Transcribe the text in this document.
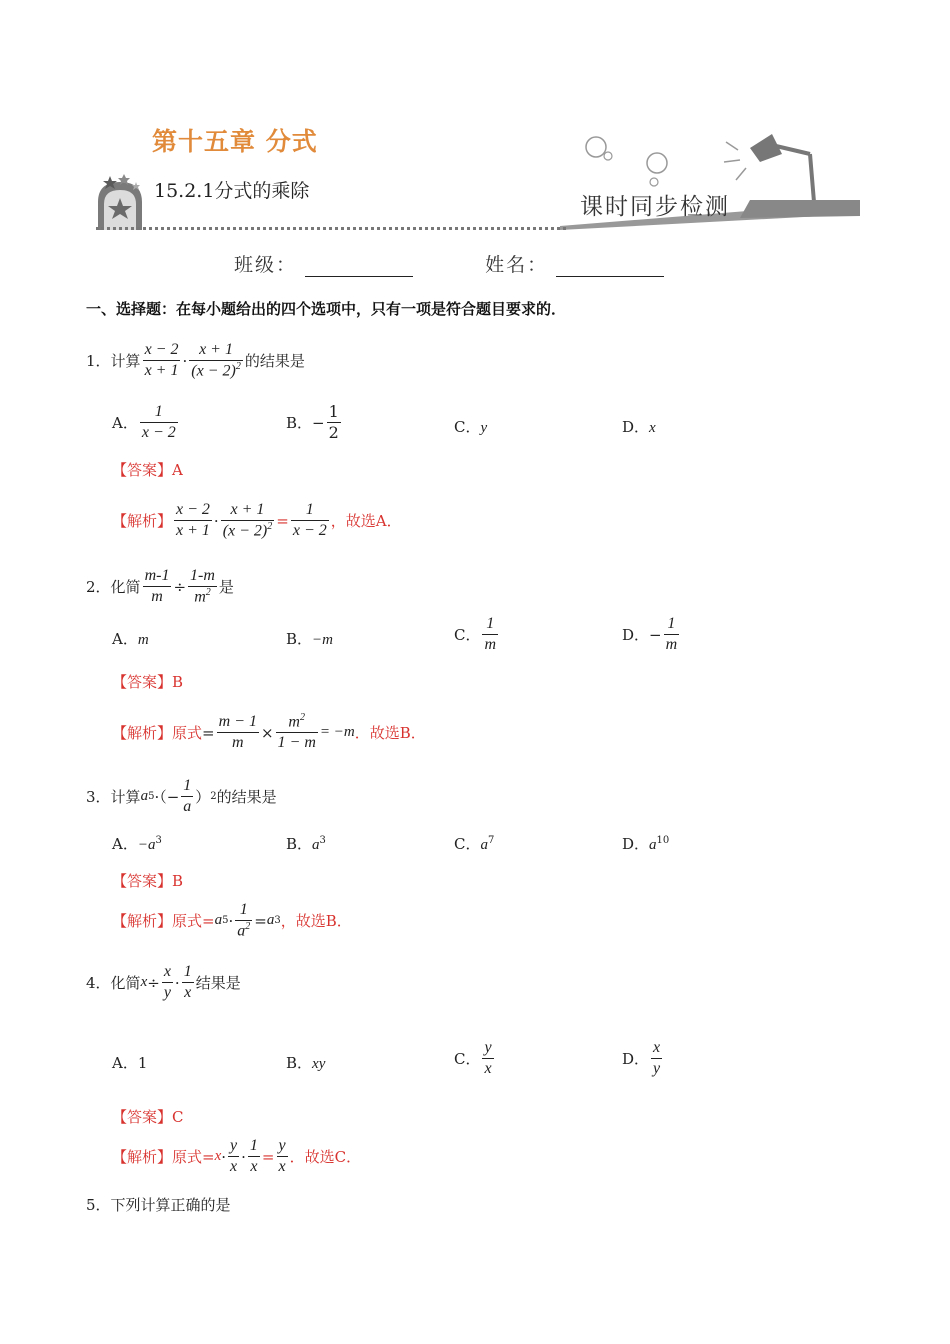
第十五章 分式
15.2.1分式的乘除
课时同步检测
班级：	姓名：
一、选择题：在每小题给出的四个选项中，只有一项是符合题目要求的．
1． 计算 $\frac{x - 2}{x + 1} \cdot \frac{x + 1}{(x - 2)^2}$ 的结果是
A． $\frac{1}{x - 2}$	B． − $\frac{1}{2}$	C．y	D．x
【答案】A
【解析】 $\frac{x - 2}{x + 1} \cdot \frac{x + 1}{(x - 2)^2} = \frac{1}{x - 2}$ ，故选A．
2． 化简 $\frac{m-1}{m} \div \frac{1-m}{m^2}$ 是
A．m	B．−m	C． $\frac{1}{m}$	D． − $\frac{1}{m}$
【答案】B
【解析】原式 = $\frac{m - 1}{m} \times \frac{m^2}{1 - m} = -m$ ．故选B．
3． 计算 a 5 ·（− $\frac{1}{a}$ ） 2 的结果是
A．$-a^3$	B．$a^3$	C．$a^7$	D．$a^{10}$
【答案】B
【解析】原式= a $5 \cdot \frac{1}{a^2} = a$ 3 ，故选B．
4． 化简 $x \div \frac{x}{y} \cdot \frac{1}{x}$ 结果是
A．1	B．xy	C． $\frac{y}{x}$	D． $\frac{x}{y}$
【答案】C
【解析】原式= $x \cdot \frac{y}{x} \cdot \frac{1}{x} = \frac{y}{x}$ ．故选C．
5．下列计算正确的是
